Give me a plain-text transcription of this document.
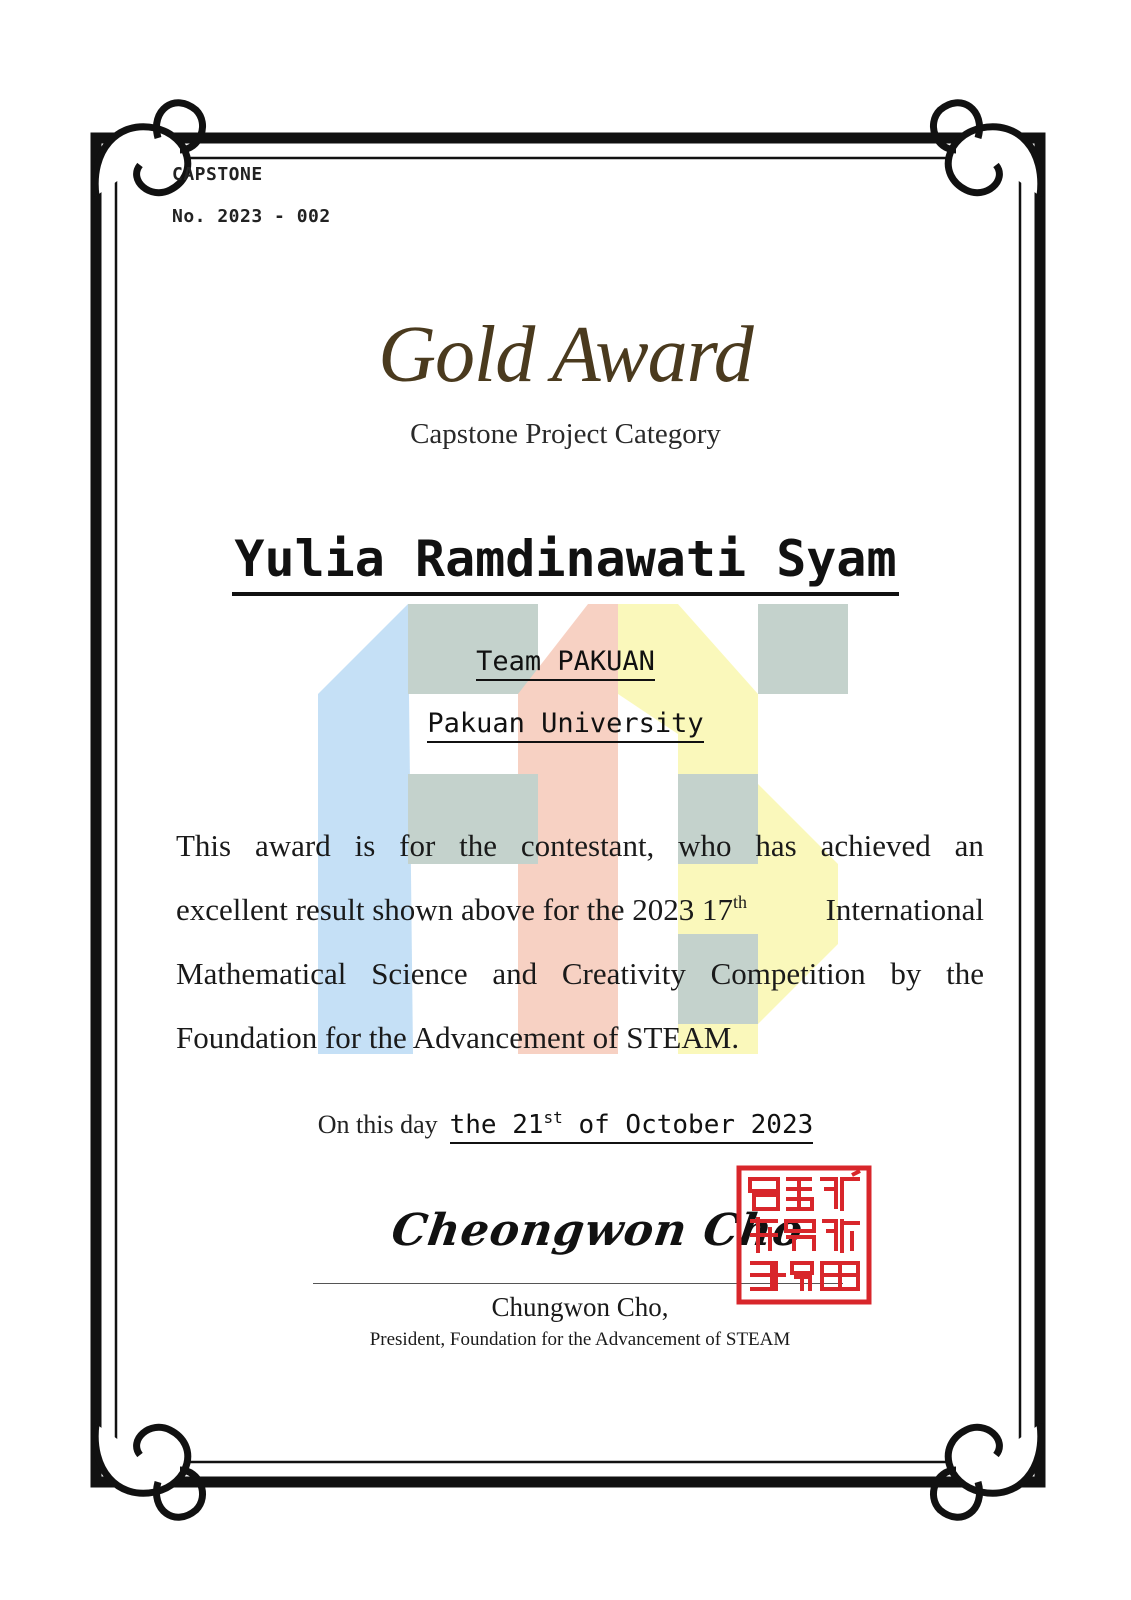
CAPSTONE
No. 2023 - 002
Gold Award
Capstone Project Category
Yulia Ramdinawati Syam
Team PAKUAN
Pakuan University
This award is for the contestant, who has achieved an
excellent result shown above for the 2023 17th	International
Mathematical Science and Creativity Competition by the
Foundation for the Advancement of STEAM.
On this day the 21st of October 2023
Cheongwon Cho
Chungwon Cho,
President, Foundation for the Advancement of STEAM
